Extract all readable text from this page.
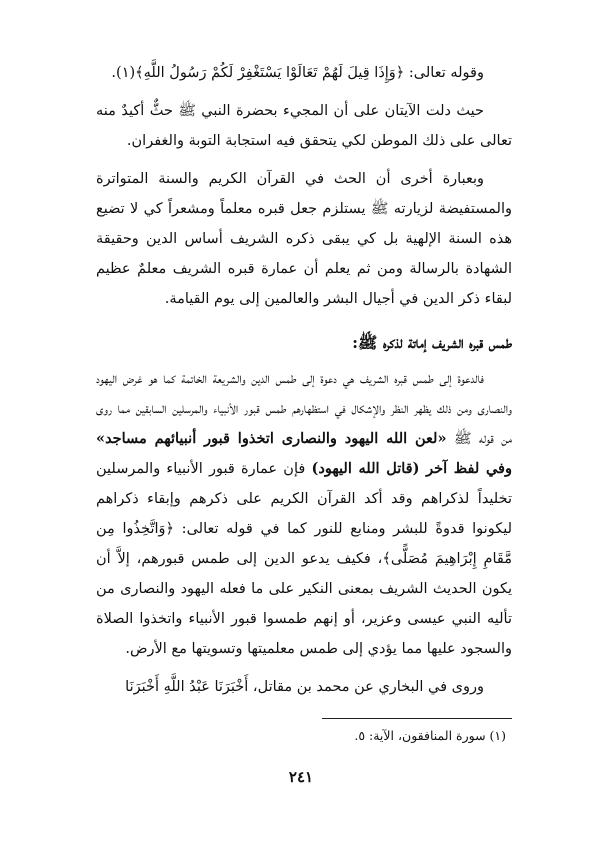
وقوله تعالى: ﴿وَإِذَا قِيلَ لَهُمْ تَعَالَوْا يَسْتَغْفِرْ لَكُمْ رَسُولُ اللَّهِ﴾(١).

حيث دلت الآيتان على أن المجيء بحضرة النبي ﷺ حثٌّ أكيدٌ منه تعالى على ذلك الموطن لكي يتحقق فيه استجابة التوبة والغفران.

وبعبارة أخرى أن الحث في القرآن الكريم والسنة المتواترة والمستفيضة لزيارته ﷺ يستلزم جعل قبره معلماً ومشعراً كي لا تضيع هذه السنة الإلهية بل كي يبقى ذكره الشريف أساس الدين وحقيقة الشهادة بالرسالة ومن ثم يعلم أن عمارة قبره الشريف معلمٌ عظيم لبقاء ذكر الدين في أجيال البشر والعالمين إلى يوم القيامة.

طمس قبره الشريف إماتة لذكره ﷺ:

فالدعوة إلى طمس قبره الشريف هي دعوة إلى طمس الدين والشريعة الخاتمة كما هو غرض اليهود والنصارى ومن ذلك يظهر النظر والإشكال في استظهارهم طمس قبور الأنبياء والمرسلين السابقين مما روى من قوله ﷺ «لعن الله اليهود والنصارى اتخذوا قبور أنبيائهم مساجد» وفي لفظ آخر (قاتل الله اليهود) فإن عمارة قبور الأنبياء والمرسلين تخليداً لذكراهم وقد أكد القرآن الكريم على ذكرهم وإبقاء ذكراهم ليكونوا قدوةً للبشر ومنابع للنور كما في قوله تعالى: ﴿وَاتَّخِذُوا مِن مَّقَامِ إِبْرَاهِيمَ مُصَلًّى﴾، فكيف يدعو الدين إلى طمس قبورهم، إلاَّ أن يكون الحديث الشريف بمعنى النكير على ما فعله اليهود والنصارى من تأليه النبي عيسى وعزير، أو إنهم طمسوا قبور الأنبياء واتخذوا الصلاة والسجود عليها مما يؤدي إلى طمس معلميتها وتسويتها مع الأرض.

وروى في البخاري عن محمد بن مقاتل، أَخْبَرَنَا عَبْدُ اللَّهِ أَخْبَرَنَا

(١) سورة المنافقون، الآية: ٥.
٢٤١
